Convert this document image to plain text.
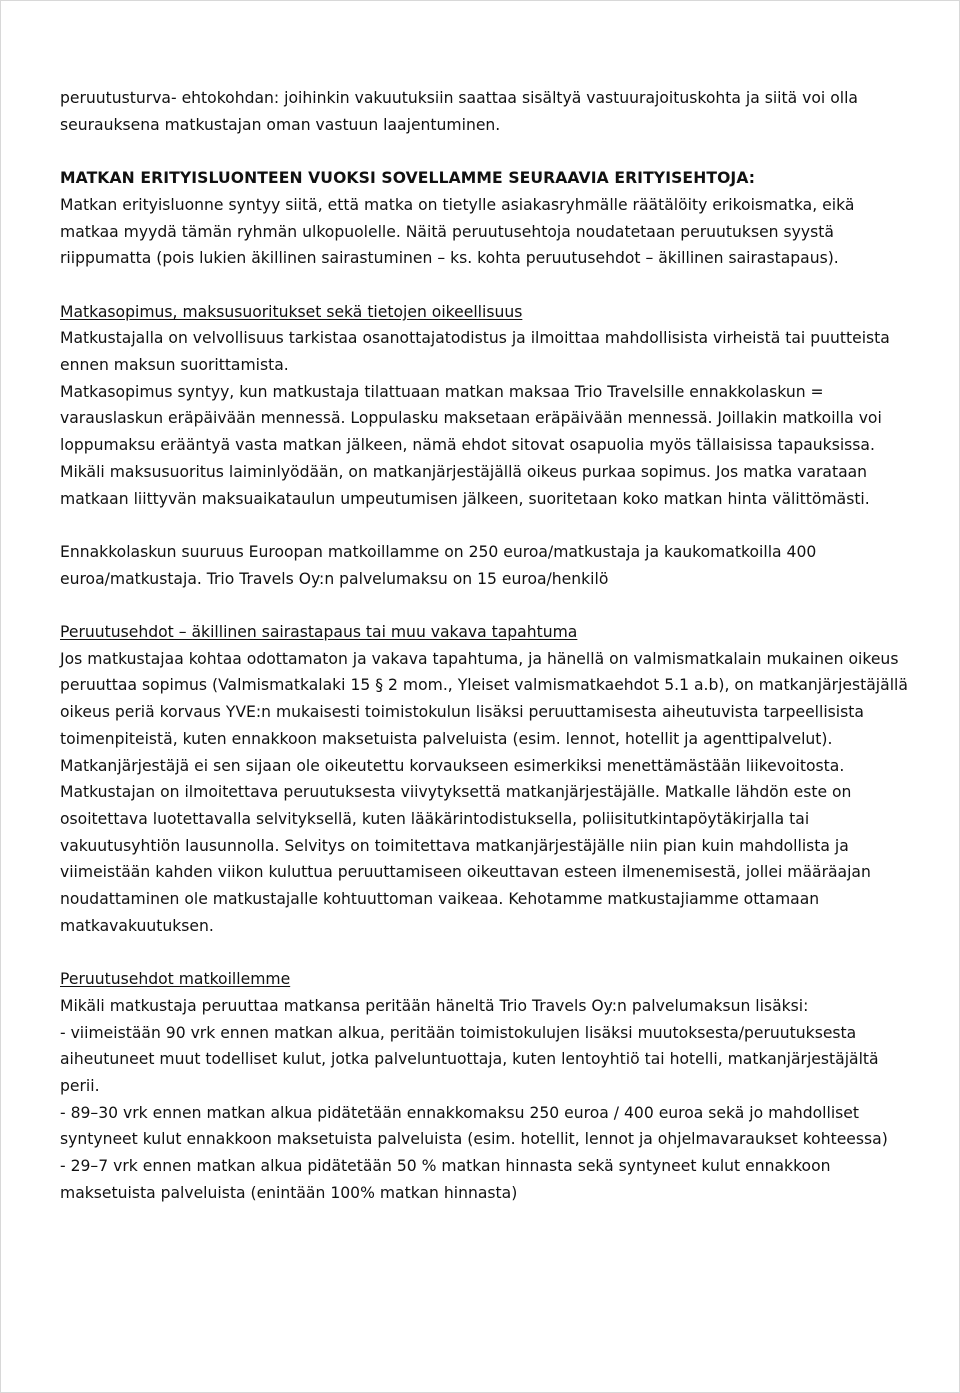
peruutusturva- ehtokohdan: joihinkin vakuutuksiin saattaa sisältyä vastuurajoituskohta ja siitä voi olla seurauksena matkustajan oman vastuun laajentuminen.

MATKAN ERITYISLUONTEEN VUOKSI SOVELLAMME SEURAAVIA ERITYISEHTOJA:

Matkan erityisluonne syntyy siitä, että matka on tietylle asiakasryhmälle räätälöity erikoismatka, eikä matkaa myydä tämän ryhmän ulkopuolelle. Näitä peruutusehtoja noudatetaan peruutuksen syystä riippumatta (pois lukien äkillinen sairastuminen – ks. kohta peruutusehdot – äkillinen sairastapaus).

Matkasopimus, maksusuoritukset sekä tietojen oikeellisuus

Matkustajalla on velvollisuus tarkistaa osanottajatodistus ja ilmoittaa mahdollisista virheistä tai puutteista ennen maksun suorittamista.

Matkasopimus syntyy, kun matkustaja tilattuaan matkan maksaa Trio Travelsille ennakkolaskun = varauslaskun eräpäivään mennessä. Loppulasku maksetaan eräpäivään mennessä. Joillakin matkoilla voi loppumaksu erääntyä vasta matkan jälkeen, nämä ehdot sitovat osapuolia myös tällaisissa tapauksissa. Mikäli maksusuoritus laiminlyödään, on matkanjärjestäjällä oikeus purkaa sopimus. Jos matka varataan matkaan liittyvän maksuaikataulun umpeutumisen jälkeen, suoritetaan koko matkan hinta välittömästi.

Ennakkolaskun suuruus Euroopan matkoillamme on 250 euroa/matkustaja ja kaukomatkoilla 400 euroa/matkustaja. Trio Travels Oy:n palvelumaksu on 15 euroa/henkilö

Peruutusehdot – äkillinen sairastapaus tai muu vakava tapahtuma

Jos matkustajaa kohtaa odottamaton ja vakava tapahtuma, ja hänellä on valmismatkalain mukainen oikeus peruuttaa sopimus (Valmismatkalaki 15 § 2 mom., Yleiset valmismatkaehdot 5.1 a.b), on matkanjärjestäjällä oikeus periä korvaus YVE:n mukaisesti toimistokulun lisäksi peruuttamisesta aiheutuvista tarpeellisista toimenpiteistä, kuten ennakkoon maksetuista palveluista (esim. lennot, hotellit ja agenttipalvelut). Matkanjärjestäjä ei sen sijaan ole oikeutettu korvaukseen esimerkiksi menettämästään liikevoitosta. Matkustajan on ilmoitettava peruutuksesta viivytyksettä matkanjärjestäjälle. Matkalle lähdön este on osoitettava luotettavalla selvityksellä, kuten lääkärintodistuksella, poliisitutkintapöytäkirjalla tai vakuutusyhtiön lausunnolla. Selvitys on toimitettava matkanjärjestäjälle niin pian kuin mahdollista ja viimeistään kahden viikon kuluttua peruuttamiseen oikeuttavan esteen ilmenemisestä, jollei määräajan noudattaminen ole matkustajalle kohtuuttoman vaikeaa. Kehotamme matkustajiamme ottamaan matkavakuutuksen.

Peruutusehdot matkoillemme

Mikäli matkustaja peruuttaa matkansa peritään häneltä Trio Travels Oy:n palvelumaksun lisäksi:

- viimeistään 90 vrk ennen matkan alkua, peritään toimistokulujen lisäksi muutoksesta/peruutuksesta aiheutuneet muut todelliset kulut, jotka palveluntuottaja, kuten lentoyhtiö tai hotelli, matkanjärjestäjältä perii.

- 89–30 vrk ennen matkan alkua pidätetään ennakkomaksu 250 euroa / 400 euroa sekä jo mahdolliset syntyneet kulut ennakkoon maksetuista palveluista (esim. hotellit, lennot ja ohjelmavaraukset kohteessa)

- 29–7 vrk ennen matkan alkua pidätetään 50 % matkan hinnasta sekä syntyneet kulut ennakkoon maksetuista palveluista (enintään 100% matkan hinnasta)
